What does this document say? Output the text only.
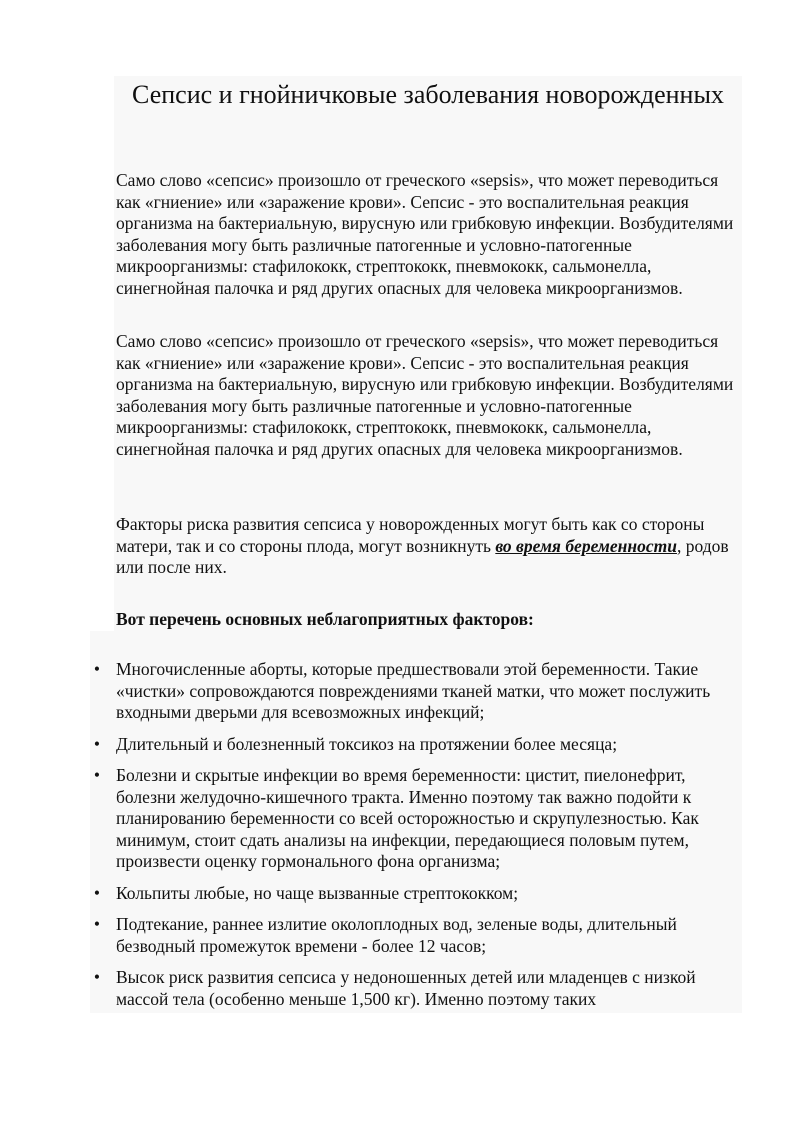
Сепсис и гнойничковые заболевания новорожденных

Само слово «сепсис» произошло от греческого «sepsis», что может переводиться как «гниение» или «заражение крови». Сепсис - это воспалительная реакция организма на бактериальную, вирусную или грибковую инфекции. Возбудителями заболевания могу быть различные патогенные и условно-патогенные микроорганизмы: стафилококк, стрептококк, пневмококк, сальмонелла, синегнойная палочка и ряд других опасных для человека микроорганизмов.

Само слово «сепсис» произошло от греческого «sepsis», что может переводиться как «гниение» или «заражение крови». Сепсис - это воспалительная реакция организма на бактериальную, вирусную или грибковую инфекции. Возбудителями заболевания могу быть различные патогенные и условно-патогенные микроорганизмы: стафилококк, стрептококк, пневмококк, сальмонелла, синегнойная палочка и ряд других опасных для человека микроорганизмов.

Факторы риска развития сепсиса у новорожденных могут быть как со стороны матери, так и со стороны плода, могут возникнуть во время беременности, родов или после них.

Вот перечень основных неблагоприятных факторов:

• Многочисленные аборты, которые предшествовали этой беременности. Такие «чистки» сопровождаются повреждениями тканей матки, что может послужить входными дверьми для всевозможных инфекций;
• Длительный и болезненный токсикоз на протяжении более месяца;
• Болезни и скрытые инфекции во время беременности: цистит, пиелонефрит, болезни желудочно-кишечного тракта. Именно поэтому так важно подойти к планированию беременности со всей осторожностью и скрупулезностью. Как минимум, стоит сдать анализы на инфекции, передающиеся половым путем, произвести оценку гормонального фона организма;
• Кольпиты любые, но чаще вызванные стрептококком;
• Подтекание, раннее излитие околоплодных вод, зеленые воды, длительный безводный промежуток времени - более 12 часов;
• Высок риск развития сепсиса у недоношенных детей или младенцев с низкой массой тела (особенно меньше 1,500 кг). Именно поэтому таких
